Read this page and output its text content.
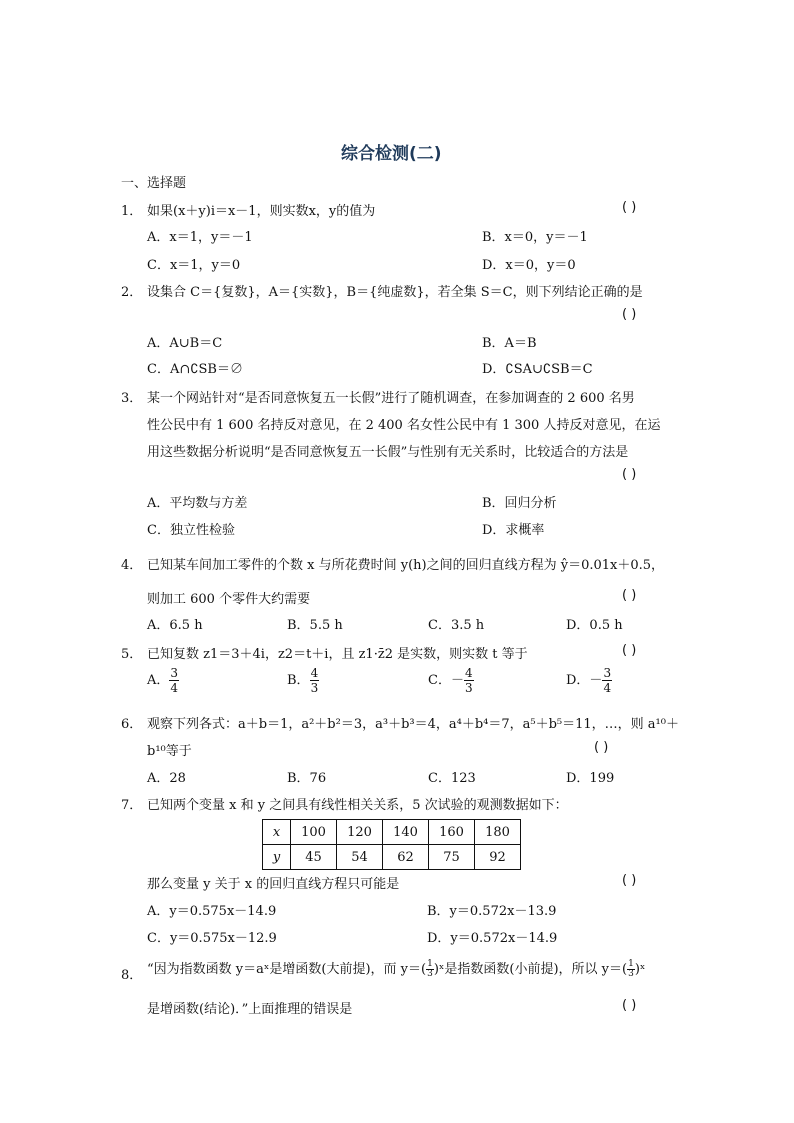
综合检测(二)
一、选择题
1． 如果(x＋y)i＝x－1，则实数x，y的值为	( )
A．x＝1，y＝－1	B．x＝0，y＝－1
C．x＝1，y＝0	D．x＝0，y＝0
2． 设集合 C＝{复数}，A＝{实数}，B＝{纯虚数}，若全集 S＝C，则下列结论正确的是
( )
A．A∪B＝C	B．A＝B
C．A∩∁SB＝∅	D．∁SA∪∁SB＝C
3． 某一个网站针对“是否同意恢复五一长假”进行了随机调查，在参加调查的 2 600 名男
性公民中有 1 600 名持反对意见，在 2 400 名女性公民中有 1 300 人持反对意见，在运
用这些数据分析说明“是否同意恢复五一长假”与性别有无关系时，比较适合的方法是
( )
A．平均数与方差	B．回归分析
C．独立性检验	D．求概率
4． 已知某车间加工零件的个数 x 与所花费时间 y(h)之间的回归直线方程为 ŷ＝0.01x＋0.5，
则加工 600 个零件大约需要	( )
A．6.5 h	B．5.5 h	C．3.5 h	D．0.5 h
5． 已知复数 z1＝3＋4i，z2＝t＋i，且 z1·z̄2 是实数，则实数 t 等于	( )
A． $\frac{3}{4}$	B． $\frac{4}{3}$	C．－ $\frac{4}{3}$	D．－ $\frac{3}{4}$
6． 观察下列各式：a＋b＝1，a²＋b²＝3，a³＋b³＝4，a⁴＋b⁴＝7，a⁵＋b⁵＝11，…，则 a¹⁰＋
b¹⁰等于	( )
A．28	B．76	C．123	D．199
7． 已知两个变量 x 和 y 之间具有线性相关关系，5 次试验的观测数据如下：
x	100	120	140	160	180
y	45	54	62	75	92
那么变量 y 关于 x 的回归直线方程只可能是	( )
A．y＝0.575x－14.9	B．y＝0.572x－13.9
C．y＝0.575x－12.9	D．y＝0.572x－14.9
8． “因为指数函数 y＝aˣ是增函数(大前提)，而 $y=( \frac{1}{3}$ )ˣ是指数函数(小前提)，所以 $y=( \frac{1}{3}$ )ˣ
是增函数(结论)．”上面推理的错误是	( )
